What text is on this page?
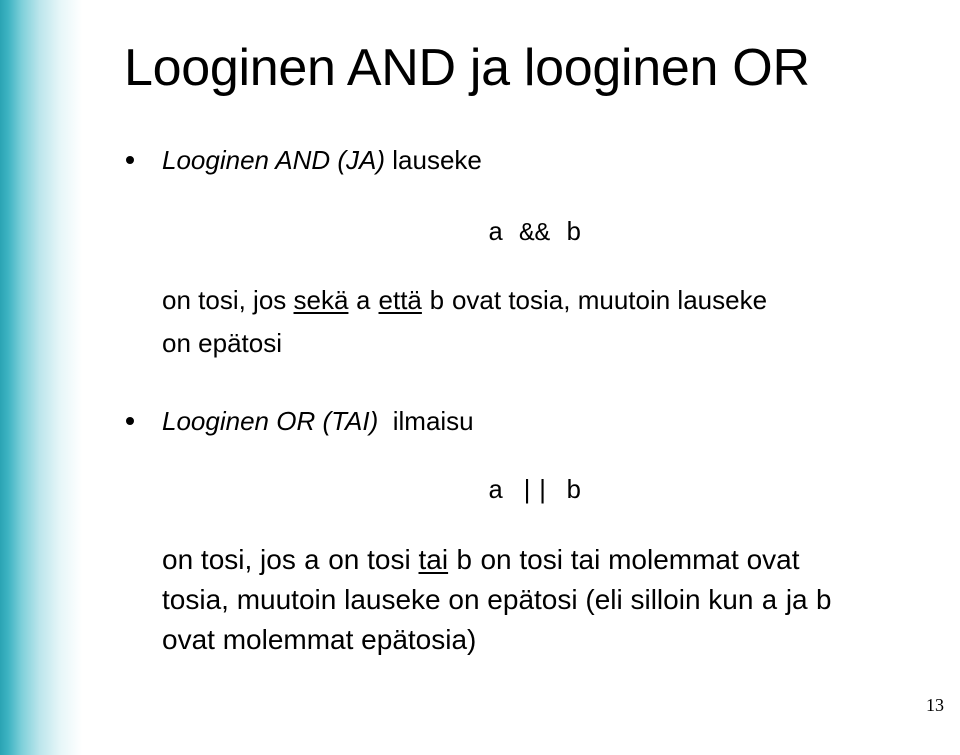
Looginen AND ja looginen OR
Looginen AND (JA) lauseke
a && b
on tosi, jos sekä a että b ovat tosia, muutoin lauseke
on epätosi
Looginen OR (TAI)  ilmaisu
a || b
on tosi, jos a on tosi tai b on tosi tai molemmat ovat
tosia, muutoin lauseke on epätosi (eli silloin kun a ja b
ovat molemmat epätosia)
13
